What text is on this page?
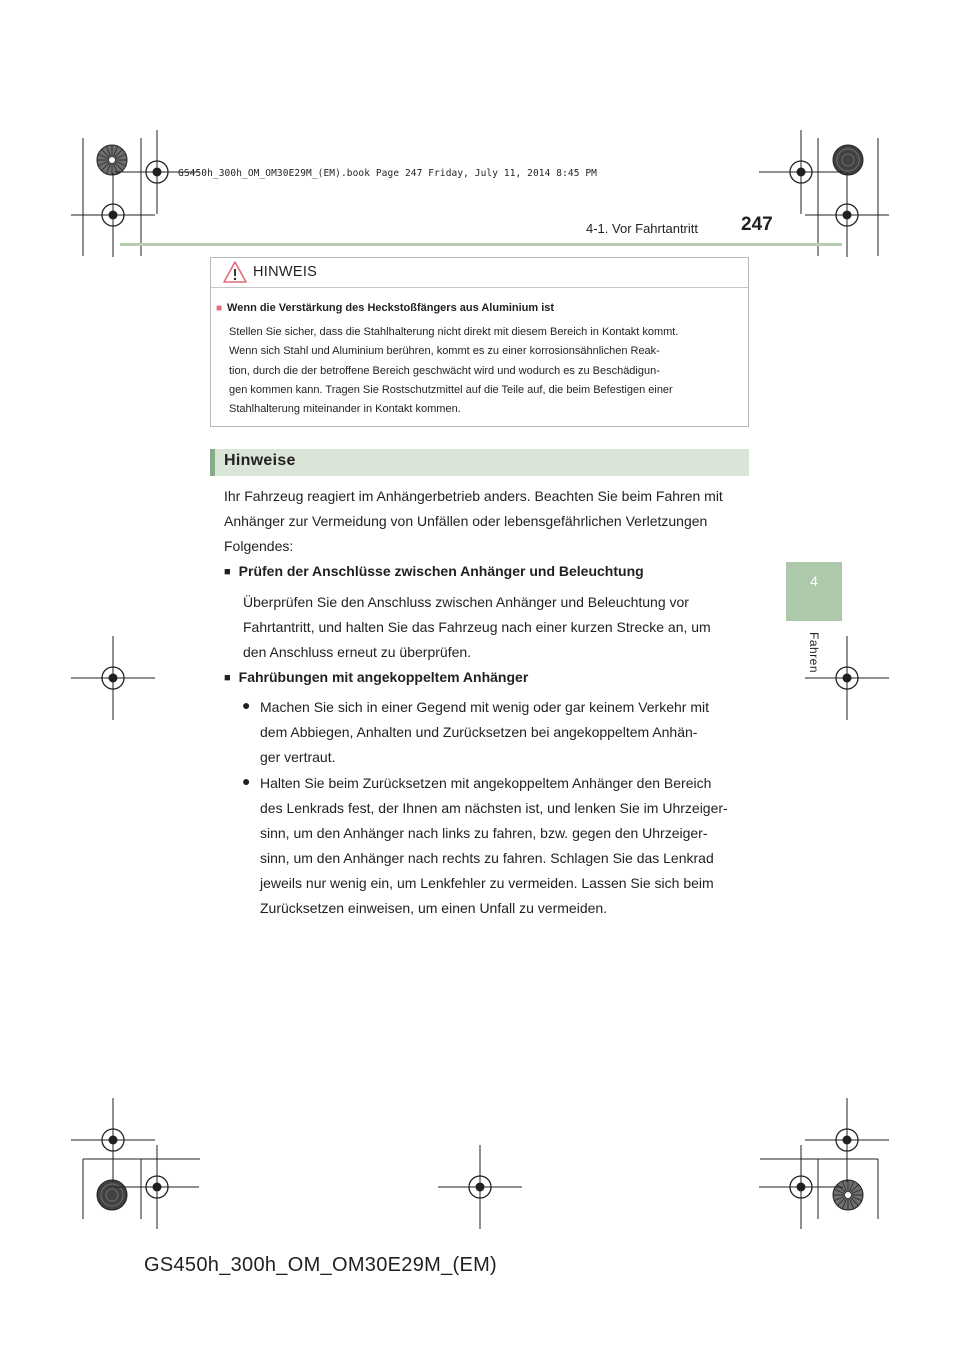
GS450h_300h_OM_OM30E29M_(EM).book Page 247 Friday, July 11, 2014 8:45 PM
4-1. Vor Fahrtantritt 247
4
Fahren
HINWEIS
■ Wenn die Verstärkung des Heckstoßfängers aus Aluminium ist
Stellen Sie sicher, dass die Stahlhalterung nicht direkt mit diesem Bereich in Kontakt kommt.
Wenn sich Stahl und Aluminium berühren, kommt es zu einer korrosionsähnlichen Reak-
tion, durch die der betroffene Bereich geschwächt wird und wodurch es zu Beschädigun-
gen kommen kann. Tragen Sie Rostschutzmittel auf die Teile auf, die beim Befestigen einer
Stahlhalterung miteinander in Kontakt kommen.
Hinweise
Ihr Fahrzeug reagiert im Anhängerbetrieb anders. Beachten Sie beim Fahren mit
Anhänger zur Vermeidung von Unfällen oder lebensgefährlichen Verletzungen
Folgendes:
■ Prüfen der Anschlüsse zwischen Anhänger und Beleuchtung
Überprüfen Sie den Anschluss zwischen Anhänger und Beleuchtung vor
Fahrtantritt, und halten Sie das Fahrzeug nach einer kurzen Strecke an, um
den Anschluss erneut zu überprüfen.
■ Fahrübungen mit angekoppeltem Anhänger
● Machen Sie sich in einer Gegend mit wenig oder gar keinem Verkehr mit
dem Abbiegen, Anhalten und Zurücksetzen bei angekoppeltem Anhän-
ger vertraut.
● Halten Sie beim Zurücksetzen mit angekoppeltem Anhänger den Bereich
des Lenkrads fest, der Ihnen am nächsten ist, und lenken Sie im Uhrzeiger-
sinn, um den Anhänger nach links zu fahren, bzw. gegen den Uhrzeiger-
sinn, um den Anhänger nach rechts zu fahren. Schlagen Sie das Lenkrad
jeweils nur wenig ein, um Lenkfehler zu vermeiden. Lassen Sie sich beim
Zurücksetzen einweisen, um einen Unfall zu vermeiden.
GS450h_300h_OM_OM30E29M_(EM)
